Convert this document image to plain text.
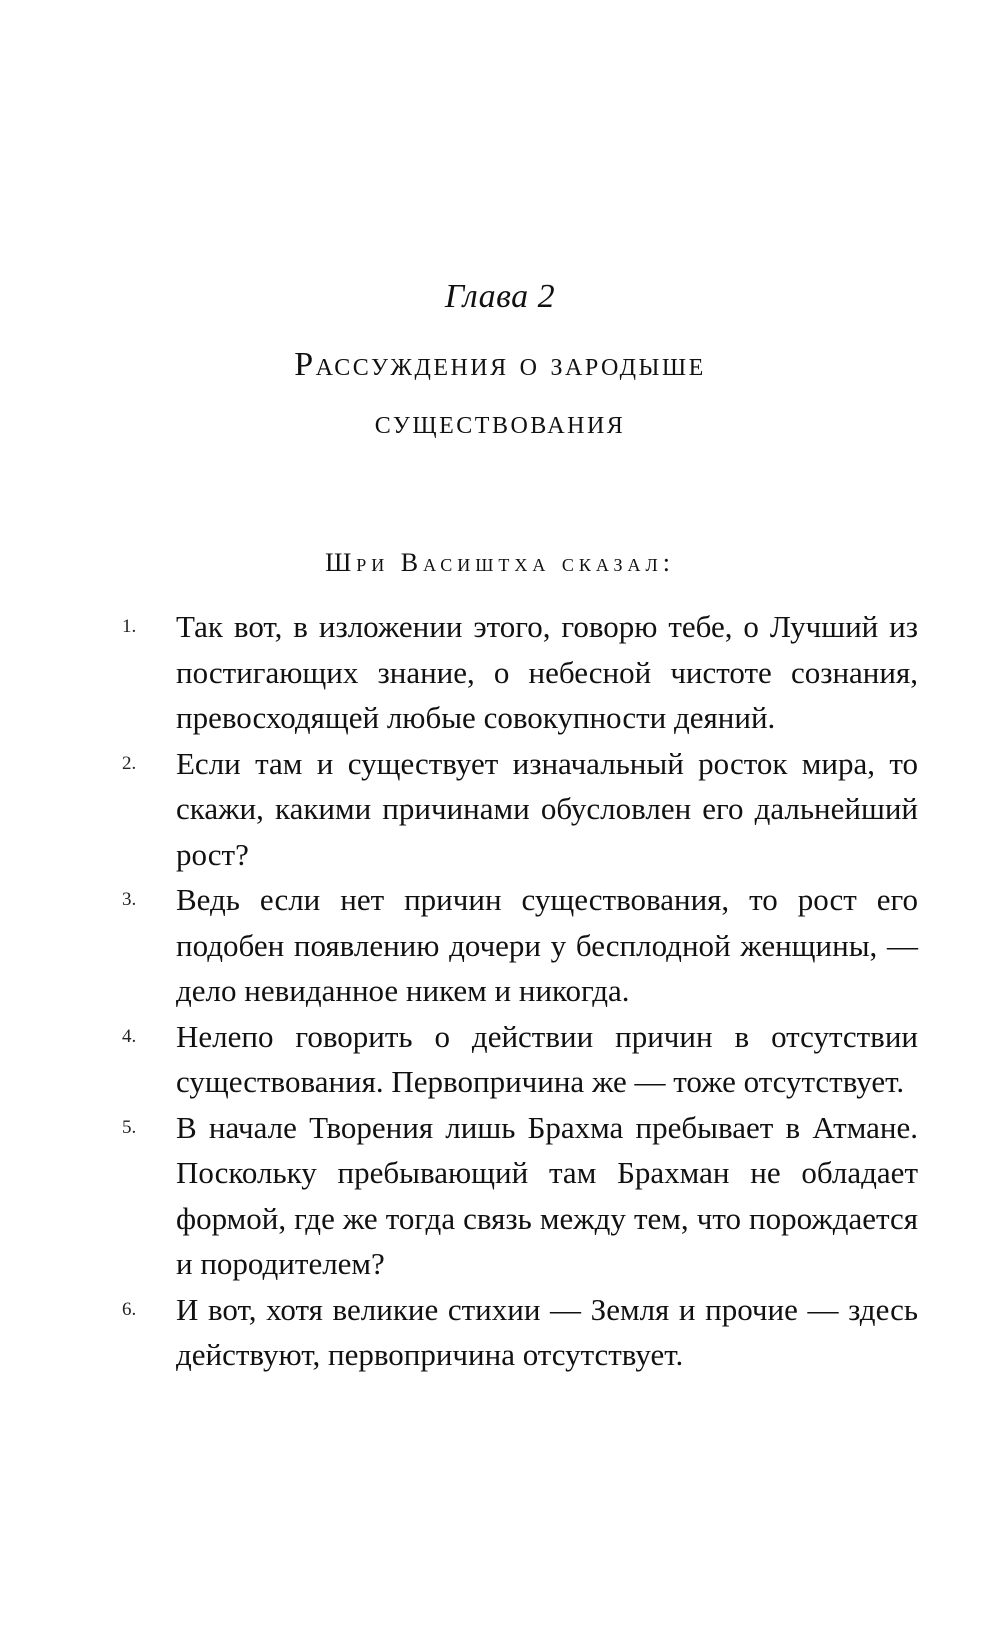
Глава 2
Рассуждения о зародыше
существования
Шри Васиштха сказал:
1. Так вот, в изложении этого, говорю тебе, о Лучший из постигающих знание, о небесной чистоте сознания, превосходящей любые совокупности деяний.
2. Если там и существует изначальный росток мира, то скажи, какими причинами обусловлен его дальнейший рост?
3. Ведь если нет причин существования, то рост его подобен появлению дочери у бесплодной женщины, — дело невиданное никем и никогда.
4. Нелепо говорить о действии причин в отсутствии существования. Первопричина же — тоже отсутствует.
5. В начале Творения лишь Брахма пребывает в Атмане. Поскольку пребывающий там Брахман не обладает формой, где же тогда связь между тем, что порождается и породителем?
6. И вот, хотя великие стихии — Земля и прочие — здесь действуют, первопричина отсутствует.
